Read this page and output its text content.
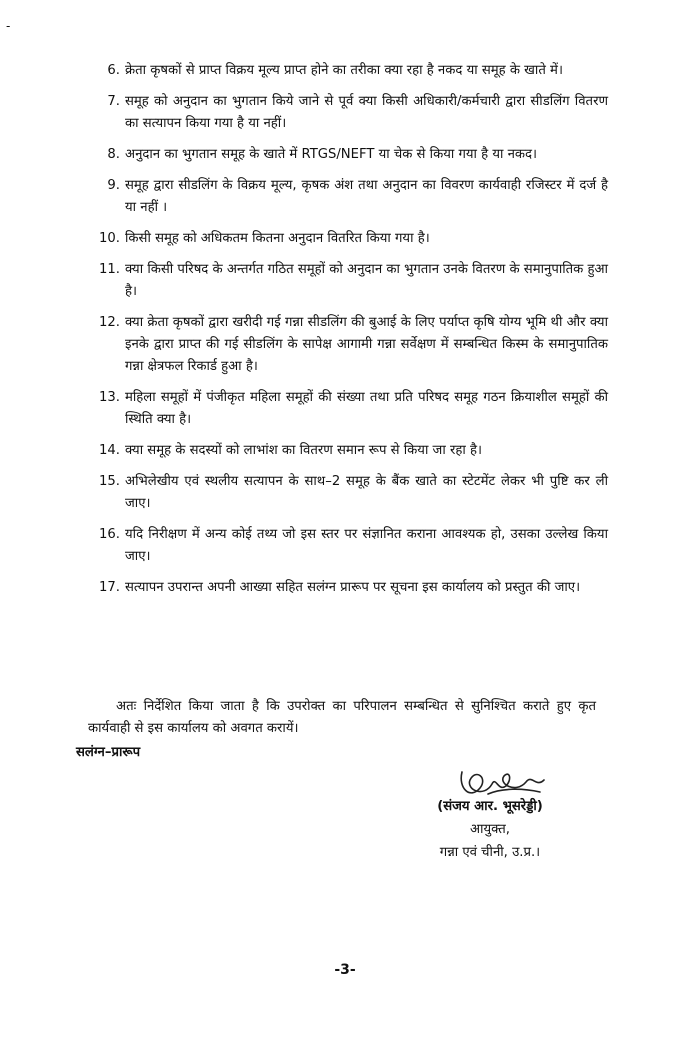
-
6. क्रेता कृषकों से प्राप्त विक्रय मूल्य प्राप्त होने का तरीका क्या रहा है नकद या समूह के खाते में।
7. समूह को अनुदान का भुगतान किये जाने से पूर्व क्या किसी अधिकारी/कर्मचारी द्वारा सीडलिंग वितरण का सत्यापन किया गया है या नहीं।
8. अनुदान का भुगतान समूह के खाते में RTGS/NEFT या चेक से किया गया है या नकद।
9. समूह द्वारा सीडलिंग के विक्रय मूल्य, कृषक अंश तथा अनुदान का विवरण कार्यवाही रजिस्टर में दर्ज है या नहीं ।
10. किसी समूह को अधिकतम कितना अनुदान वितरित किया गया है।
11. क्या किसी परिषद के अन्तर्गत गठित समूहों को अनुदान का भुगतान उनके वितरण के समानुपातिक हुआ है।
12. क्या क्रेता कृषकों द्वारा खरीदी गई गन्ना सीडलिंग की बुआई के लिए पर्याप्त कृषि योग्य भूमि थी और क्या इनके द्वारा प्राप्त की गई सीडलिंग के सापेक्ष आगामी गन्ना सर्वेक्षण में सम्बन्धित किस्म के समानुपातिक गन्ना क्षेत्रफल रिकार्ड हुआ है।
13. महिला समूहों में पंजीकृत महिला समूहों की संख्या तथा प्रति परिषद समूह गठन क्रियाशील समूहों की स्थिति क्या है।
14. क्या समूह के सदस्यों को लाभांश का वितरण समान रूप से किया जा रहा है।
15. अभिलेखीय एवं स्थलीय सत्यापन के साथ–2 समूह के बैंक खाते का स्टेटमेंट लेकर भी पुष्टि कर ली जाए।
16. यदि निरीक्षण में अन्य कोई तथ्य जो इस स्तर पर संज्ञानित कराना आवश्यक हो, उसका उल्लेख किया जाए।
17. सत्यापन उपरान्त अपनी आख्या सहित सलंग्न प्रारूप पर सूचना इस कार्यालय को प्रस्तुत की जाए।
अतः निर्देशित किया जाता है कि उपरोक्त का परिपालन सम्बन्धित से सुनिश्चित कराते हुए कृत कार्यवाही से इस कार्यालय को अवगत करायें।
सलंग्न–प्रारूप
(संजय आर. भूसरेड्डी)
आयुक्त,
गन्ना एवं चीनी, उ.प्र.।
-3-
